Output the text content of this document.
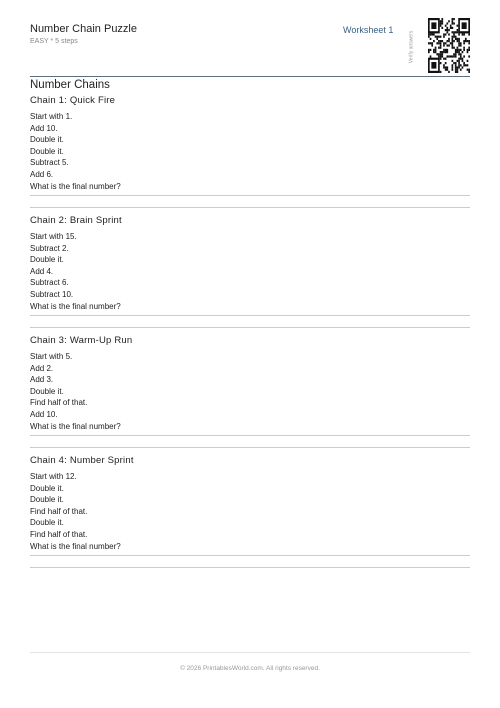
Number Chain Puzzle
EASY * 5 steps
Worksheet 1
Verify answers
Number Chains
Chain 1: Quick Fire
Start with 1.
Add 10.
Double it.
Double it.
Subtract 5.
Add 6.
What is the final number?
Chain 2: Brain Sprint
Start with 15.
Subtract 2.
Double it.
Add 4.
Subtract 6.
Subtract 10.
What is the final number?
Chain 3: Warm-Up Run
Start with 5.
Add 2.
Add 3.
Double it.
Find half of that.
Add 10.
What is the final number?
Chain 4: Number Sprint
Start with 12.
Double it.
Double it.
Find half of that.
Double it.
Find half of that.
What is the final number?
© 2026 PrintablesWorld.com. All rights reserved.
